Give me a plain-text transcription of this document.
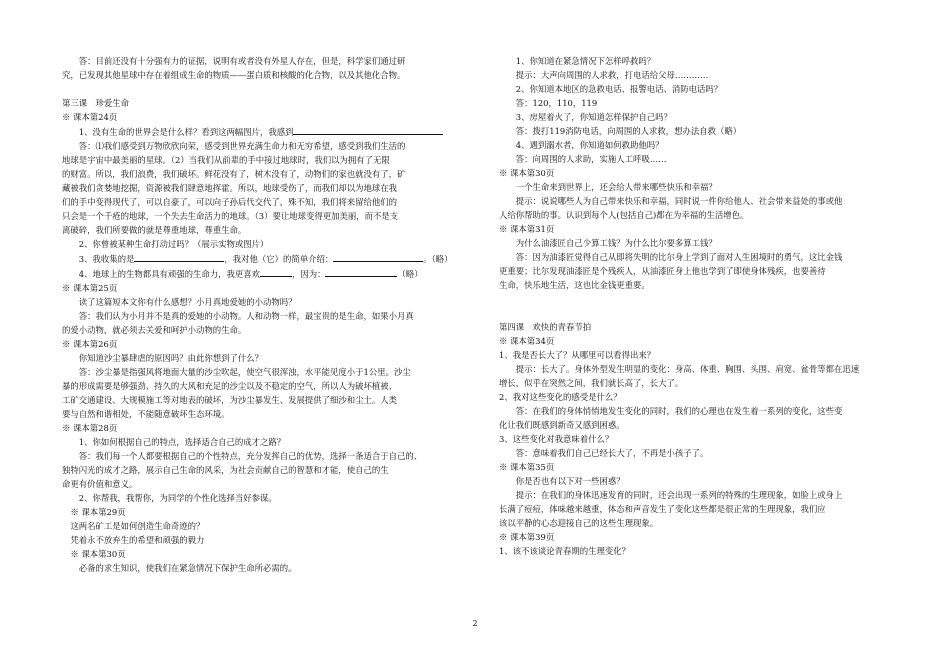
　　答：目前还没有十分强有力的证据，说明有或者没有外星人存在，但是，科学家们通过研
究，已发现其他星球中存在着组成生命的物质——蛋白质和核酸的化合物，以及其他化合物。
第三课　珍爱生命
※ 课本第24页
　　1、没有生命的世界会是什么样？看到这两幅图片，我感到
　　答：⑴我们感受到万物欣欣向荣，感受到世界充满生命力和无穷希望，感受到我们生活的
地球是宇宙中最美丽的星球。（2）当我们从前辈的手中接过地球时，我们以为拥有了无限
的财富。所以，我们浪费，我们破坏。鲜花没有了，树木没有了，动物们的家也就没有了，矿
藏被我们贪婪地挖掘，资源被我们肆意地挥霍。所以，地球受伤了，而我们却以为地球在我
们的手中变得现代了，可以自豪了，可以向子孙后代交代了，殊不知，我们将来留给他们的
只会是一个千疮的地球，一个失去生命活力的地球。（3）要让地球变得更加美丽，而不是支
离破碎，我们所要做的就是尊重地球，尊重生命。
　　2、你曾被某种生命打动过吗？（展示实物或图片）
　　3、我收集的是	，我对他（它）的简单介绍：	。（略）
　　4、地球上的生物都具有顽强的生命力，我更喜欢	，因为：	（略）
※ 课本第25页
　　读了这篇短本文你有什么感想？小月真地爱她的小动物吗？
　　答：我们认为小月并不是真的爱她的小动物。人和动物一样，最宝贵的是生命，如果小月真
的爱小动物，就必须去关爱和呵护小动物的生命。
※ 课本第26页
　　你知道沙尘暴肆虐的原因吗？由此你想到了什么？
　　答：沙尘暴是指强风将地面大量的沙尘吹起，使空气很浑浊，水平能见度小于1公里。沙尘
暴的形成需要是够强劲、持久的大风和充足的沙尘以及不稳定的空气，所以人为破坏植被、
工矿交通建设、大规模施工等对地表的破坏，为沙尘暴发生、发展提供了细沙和尘土。人类
要与自然和谐相处，不能随意破坏生态环境。
※ 课本第28页
　　1、你如何根据自己的特点，选择适合自己的成才之路？
　　答：我们每一个人都要根据自己的个性特点，充分发挥自己的优势，选择一条适合于自己的、
独特闪光的成才之路，展示自己生命的风采，为社会贡献自己的智慧和才能，使自己的生
命更有价值和意义。
　　2、你帮我，我帮你，为同学的个性化选择当好参谋。
　※ 课本第29页
　这两名矿工是如何创造生命奇迹的？
　凭着永不放弃生的希望和顽强的毅力
　※ 课本第30页
　　必备的求生知识，使我们在紧急情况下保护生命所必需的。
　　1、你知道在紧急情况下怎样呼救吗？
　　提示：大声向周围的人求救，打电话给父母…………
　　2、你知道本地区的急救电话、报警电话、消防电话吗？
　　答：120，110，119
　　3、房屋着火了，你知道怎样保护自己吗？
　　答：拨打119消防电话，向周围的人求救，想办法自救（略）
　　4、遇到溺水者，你知道如何救助他吗？
　　答：向周围的人求助，实施人工呼吸……
※ 课本第30页
　　一个生命来到世界上，还会给人带来哪些快乐和幸福？
　　提示：说说哪些人为自己带来快乐和幸福，同时说一件你给他人、社会带来益处的事或他
人给你帮助的事。认识到每个人(包括自己)都在为幸福的生活增色。
※ 课本第31页
　　为什么油漆匠自己少算工钱？为什么比尔要多算工钱？
　　答：因为油漆匠觉得自己从即将失明的比尔身上学到了面对人生困境时的勇气，这比金钱
更重要；比尔发现油漆匠是个残疾人，从油漆匠身上他也学到了即使身体残疾，也要善待
生命，快乐地生活，这也比金钱更重要。
第四课　欢快的青春节拍
※ 课本第34页
1、我是否长大了？从哪里可以看得出来？
　　提示：长大了。身体外型发生明显的变化：身高、体重、胸围、头围、肩宽、盆骨等都在迅速
增长，似乎在突然之间，我们就长高了，长大了。
2、我对这些变化的感受是什么？
　　答：在我们的身体悄悄地发生变化的同时，我们的心理也在发生着一系列的变化，这些变
化让我们既感到新奇又感到困惑。
3、这些变化对我意味着什么？
　　答：意味着我们自己已经长大了，不再是小孩子了。
※ 课本第35页
　　你是否也有以下对一些困惑？
　　提示：在我们的身体迅速发育的同时，还会出现一系列的特殊的生理现象，如脸上或身上
长满了痘痘，体味越来越重，体态和声音发生了变化这些都是很正常的生理现象，我们应
该以平静的心态迎接自己的这些生理现象。
※ 课本第39页
1、该不该谈论青春期的生理变化？
2
